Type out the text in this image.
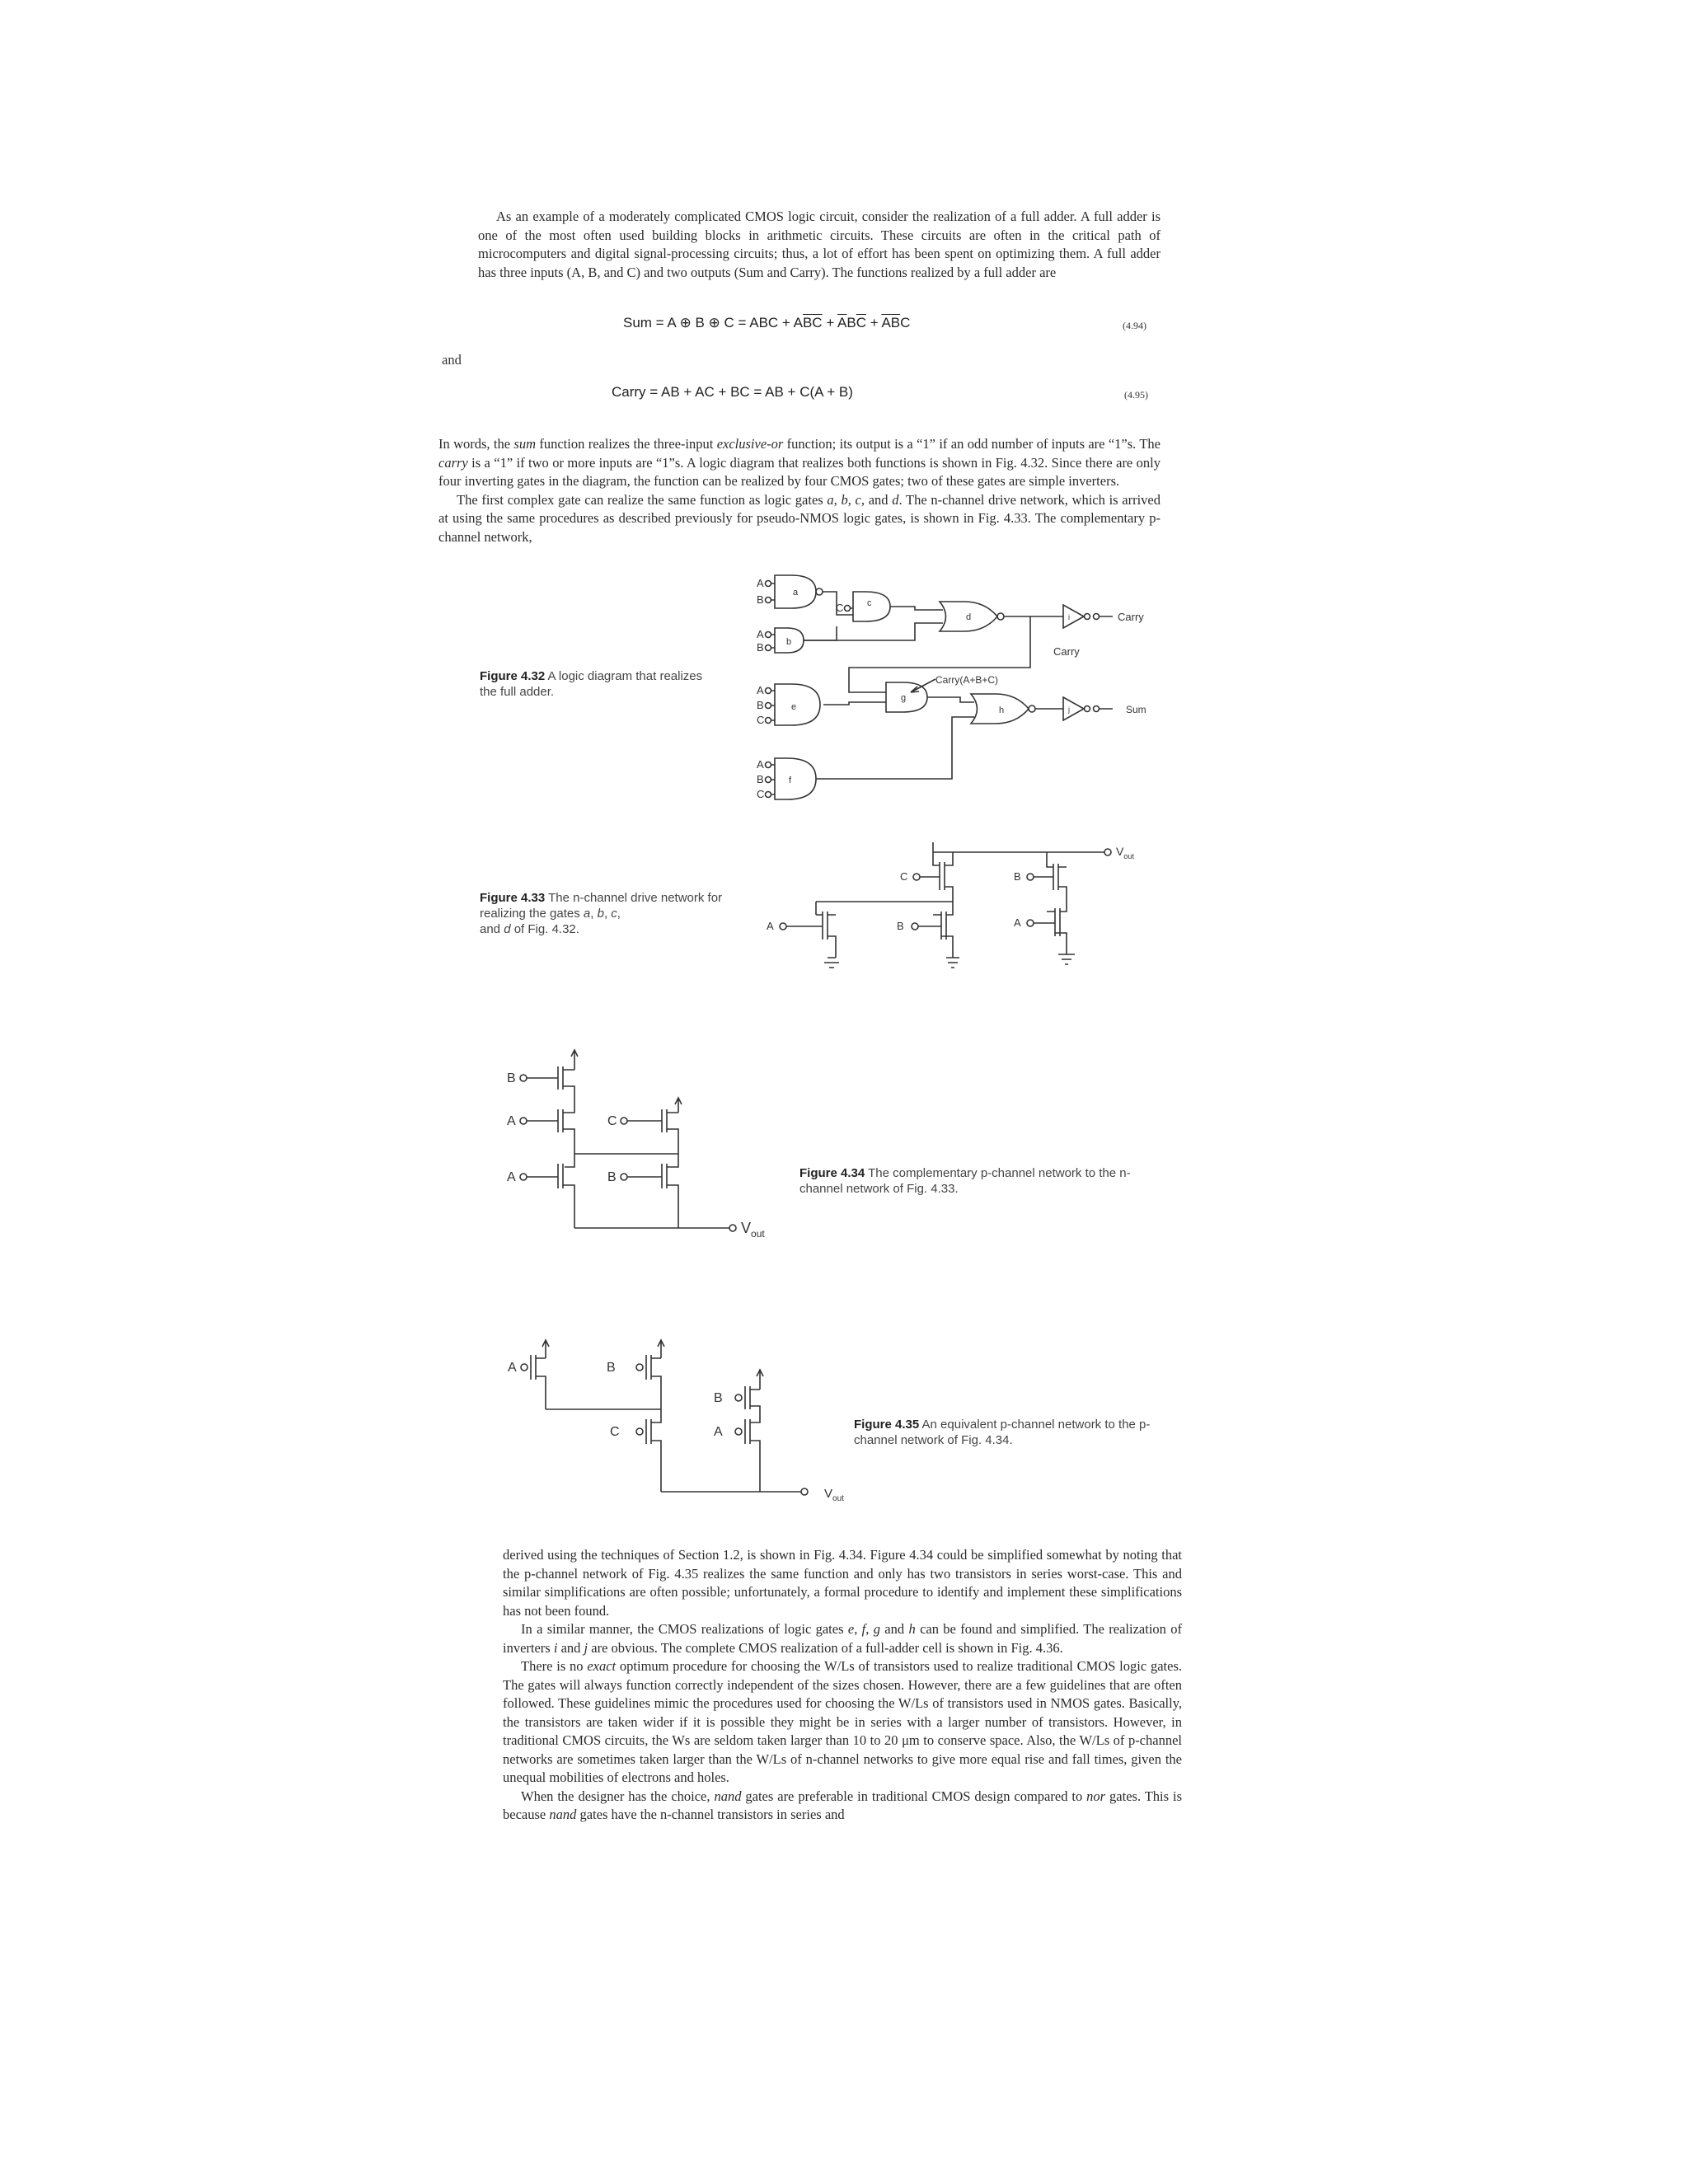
As an example of a moderately complicated CMOS logic circuit, consider the realization of a full adder. A full adder is one of the most often used building blocks in arithmetic circuits. These circuits are often in the critical path of microcomputers and digital signal-processing circuits; thus, a lot of effort has been spent on optimizing them. A full adder has three inputs (A, B, and C) and two outputs (Sum and Carry). The functions realized by a full adder are

Sum = A ⊕ B ⊕ C = ABC + $A\overline{BC} + \overline{A}B\overline{C} + \overline{AB}C$	(4.94)
and
Carry = AB + AC + BC = AB + C(A + B)	(4.95)

In words, the sum function realizes the three-input exclusive-or function; its output is a “1” if an odd number of inputs are “1”s. The carry is a “1” if two or more inputs are “1”s. A logic diagram that realizes both functions is shown in Fig. 4.32. Since there are only four inverting gates in the diagram, the function can be realized by four CMOS gates; two of these gates are simple inverters.

The first complex gate can realize the same function as logic gates a, b, c, and d. The n-channel drive network, which is arrived at using the same procedures as described previously for pseudo-NMOS logic gates, is shown in Fig. 4.33. The complementary p-channel network,

Figure 4.32 A logic diagram that realizes the full adder.
A
B
A
B
A
B
C
A
B
C
C
a
b
c
d
e
f
g
h
i
j
Carry
Carry
Carry(A+B+C)
Sum
Figure 4.33 The n-channel drive network for realizing the gates a, b, c,
and d of Fig. 4.32.
C
A	B
B
A
$V_{out}$
B
A	C
A	B
$V_{out}$
Figure 4.34 The complementary p-channel network to the n-channel network of Fig. 4.33.
A	B
C
B
A
$V_{out}$
Figure 4.35 An equivalent p-channel network to the p-channel network of Fig. 4.34.

derived using the techniques of Section 1.2, is shown in Fig. 4.34. Figure 4.34 could be simplified somewhat by noting that the p-channel network of Fig. 4.35 realizes the same function and only has two transistors in series worst-case. This and similar simplifications are often possible; unfortunately, a formal procedure to identify and implement these simplifications has not been found.

In a similar manner, the CMOS realizations of logic gates e, f, g and h can be found and simplified. The realization of inverters i and j are obvious. The complete CMOS realization of a full-adder cell is shown in Fig. 4.36.

There is no exact optimum procedure for choosing the W/Ls of transistors used to realize traditional CMOS logic gates. The gates will always function correctly independent of the sizes chosen. However, there are a few guidelines that are often followed. These guidelines mimic the procedures used for choosing the W/Ls of transistors used in NMOS gates. Basically, the transistors are taken wider if it is possible they might be in series with a larger number of transistors. However, in traditional CMOS circuits, the Ws are seldom taken larger than 10 to 20 μm to conserve space. Also, the W/Ls of p-channel networks are sometimes taken larger than the W/Ls of n-channel networks to give more equal rise and fall times, given the unequal mobilities of electrons and holes.

When the designer has the choice, nand gates are preferable in traditional CMOS design compared to nor gates. This is because nand gates have the n-channel transistors in series and
